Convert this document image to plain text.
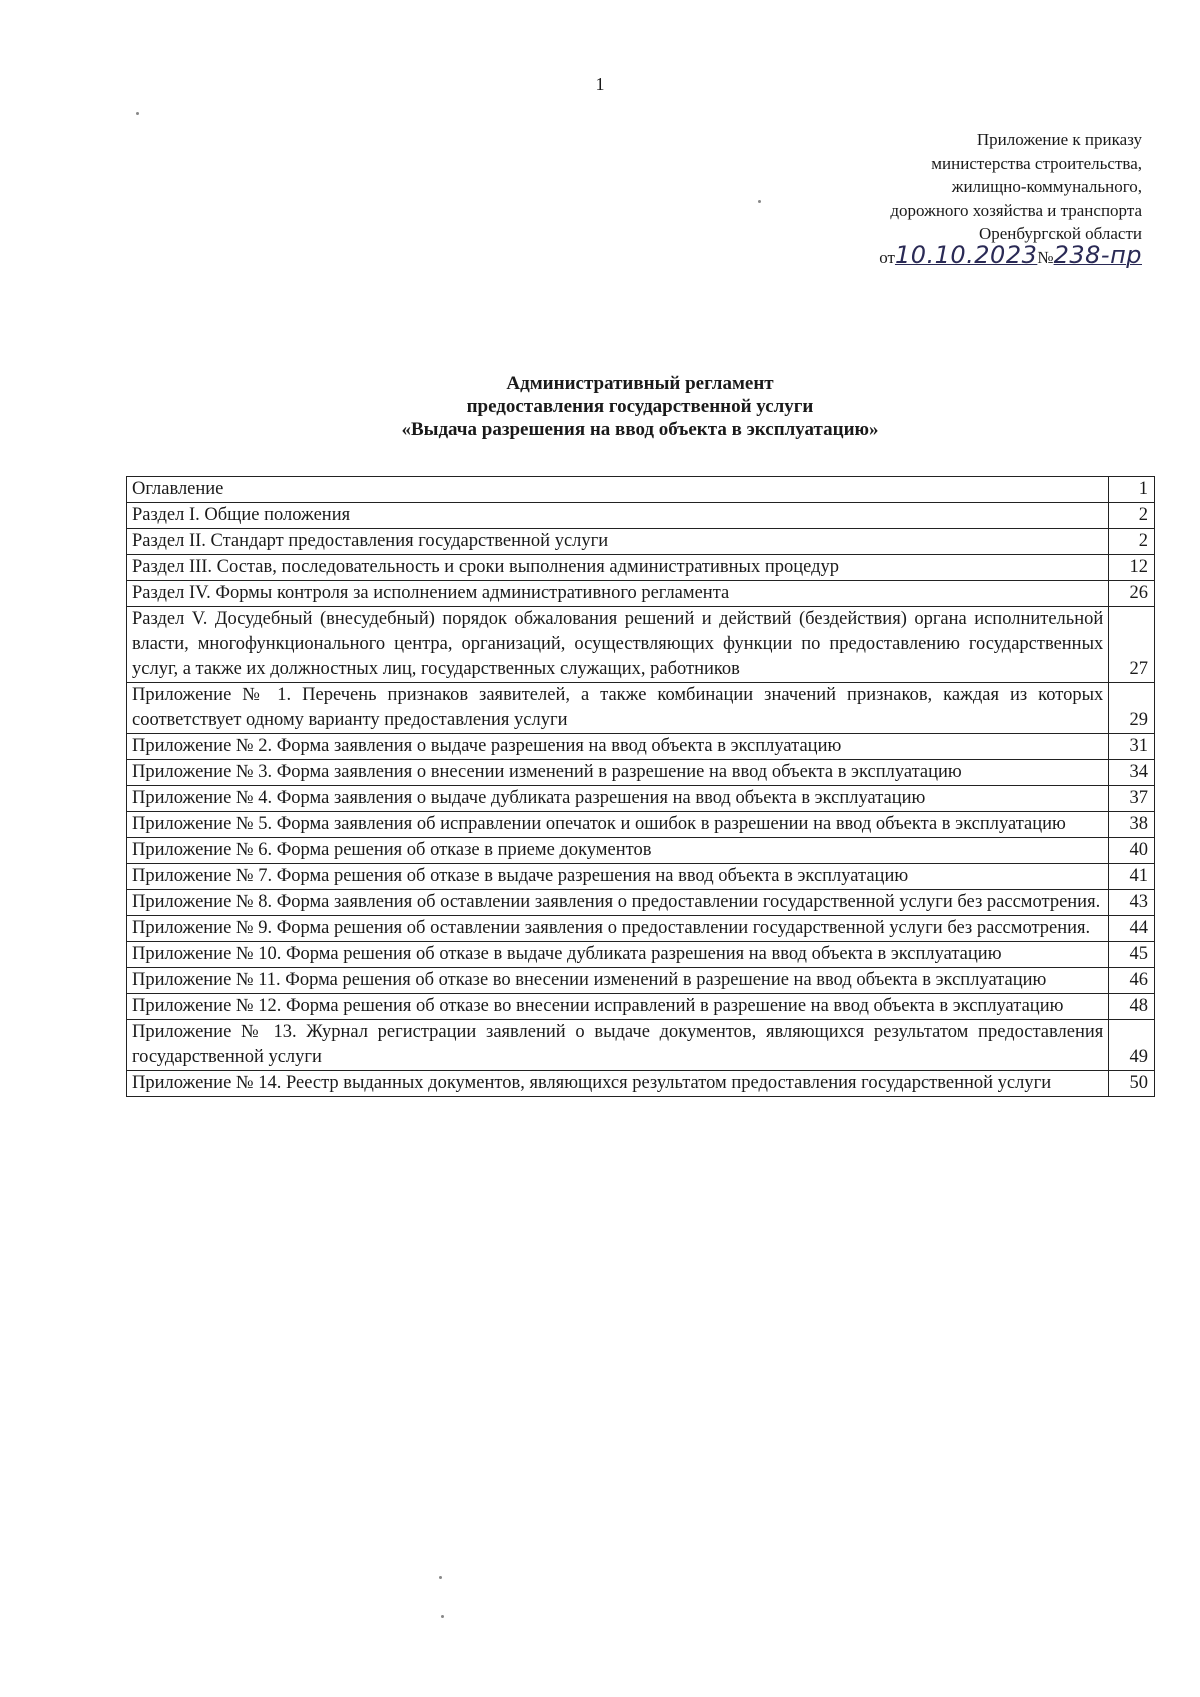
1
Приложение к приказу
министерства строительства,
жилищно-коммунального,
дорожного хозяйства и транспорта
Оренбургской области
от 10.10.2023 № 238-пр
Административный регламент
предоставления государственной услуги
«Выдача разрешения на ввод объекта в эксплуатацию»
Оглавление	1
Раздел I. Общие положения	2
Раздел II. Стандарт предоставления государственной услуги	2
Раздел III. Состав, последовательность и сроки выполнения административных процедур	12
Раздел IV. Формы контроля за исполнением административного регламента	26
Раздел V. Досудебный (внесудебный) порядок обжалования решений и действий (бездействия) органа исполнительной власти, многофункционального центра, организаций, осуществляющих функции по предоставлению государственных услуг, а также их должностных лиц, государственных служащих, работников	27
Приложение № 1. Перечень признаков заявителей, а также комбинации значений признаков, каждая из которых соответствует одному варианту предоставления услуги	29
Приложение № 2. Форма заявления о выдаче разрешения на ввод объекта в эксплуатацию	31
Приложение № 3. Форма заявления о внесении изменений в разрешение на ввод объекта в эксплуатацию	34
Приложение № 4. Форма заявления о выдаче дубликата разрешения на ввод объекта в эксплуатацию	37
Приложение № 5. Форма заявления об исправлении опечаток и ошибок в разрешении на ввод объекта в эксплуатацию	38
Приложение № 6. Форма решения об отказе в приеме документов	40
Приложение № 7. Форма решения об отказе в выдаче разрешения на ввод объекта в эксплуатацию	41
Приложение № 8. Форма заявления об оставлении заявления о предоставлении государственной услуги без рассмотрения.	43
Приложение № 9. Форма решения об оставлении заявления о предоставлении государственной услуги без рассмотрения.	44
Приложение № 10. Форма решения об отказе в выдаче дубликата разрешения на ввод объекта в эксплуатацию	45
Приложение № 11. Форма решения об отказе во внесении изменений в разрешение на ввод объекта в эксплуатацию	46
Приложение № 12. Форма решения об отказе во внесении исправлений в разрешение на ввод объекта в эксплуатацию	48
Приложение № 13. Журнал регистрации заявлений о выдаче документов, являющихся результатом предоставления государственной услуги	49
Приложение № 14. Реестр выданных документов, являющихся результатом предоставления государственной услуги	50
